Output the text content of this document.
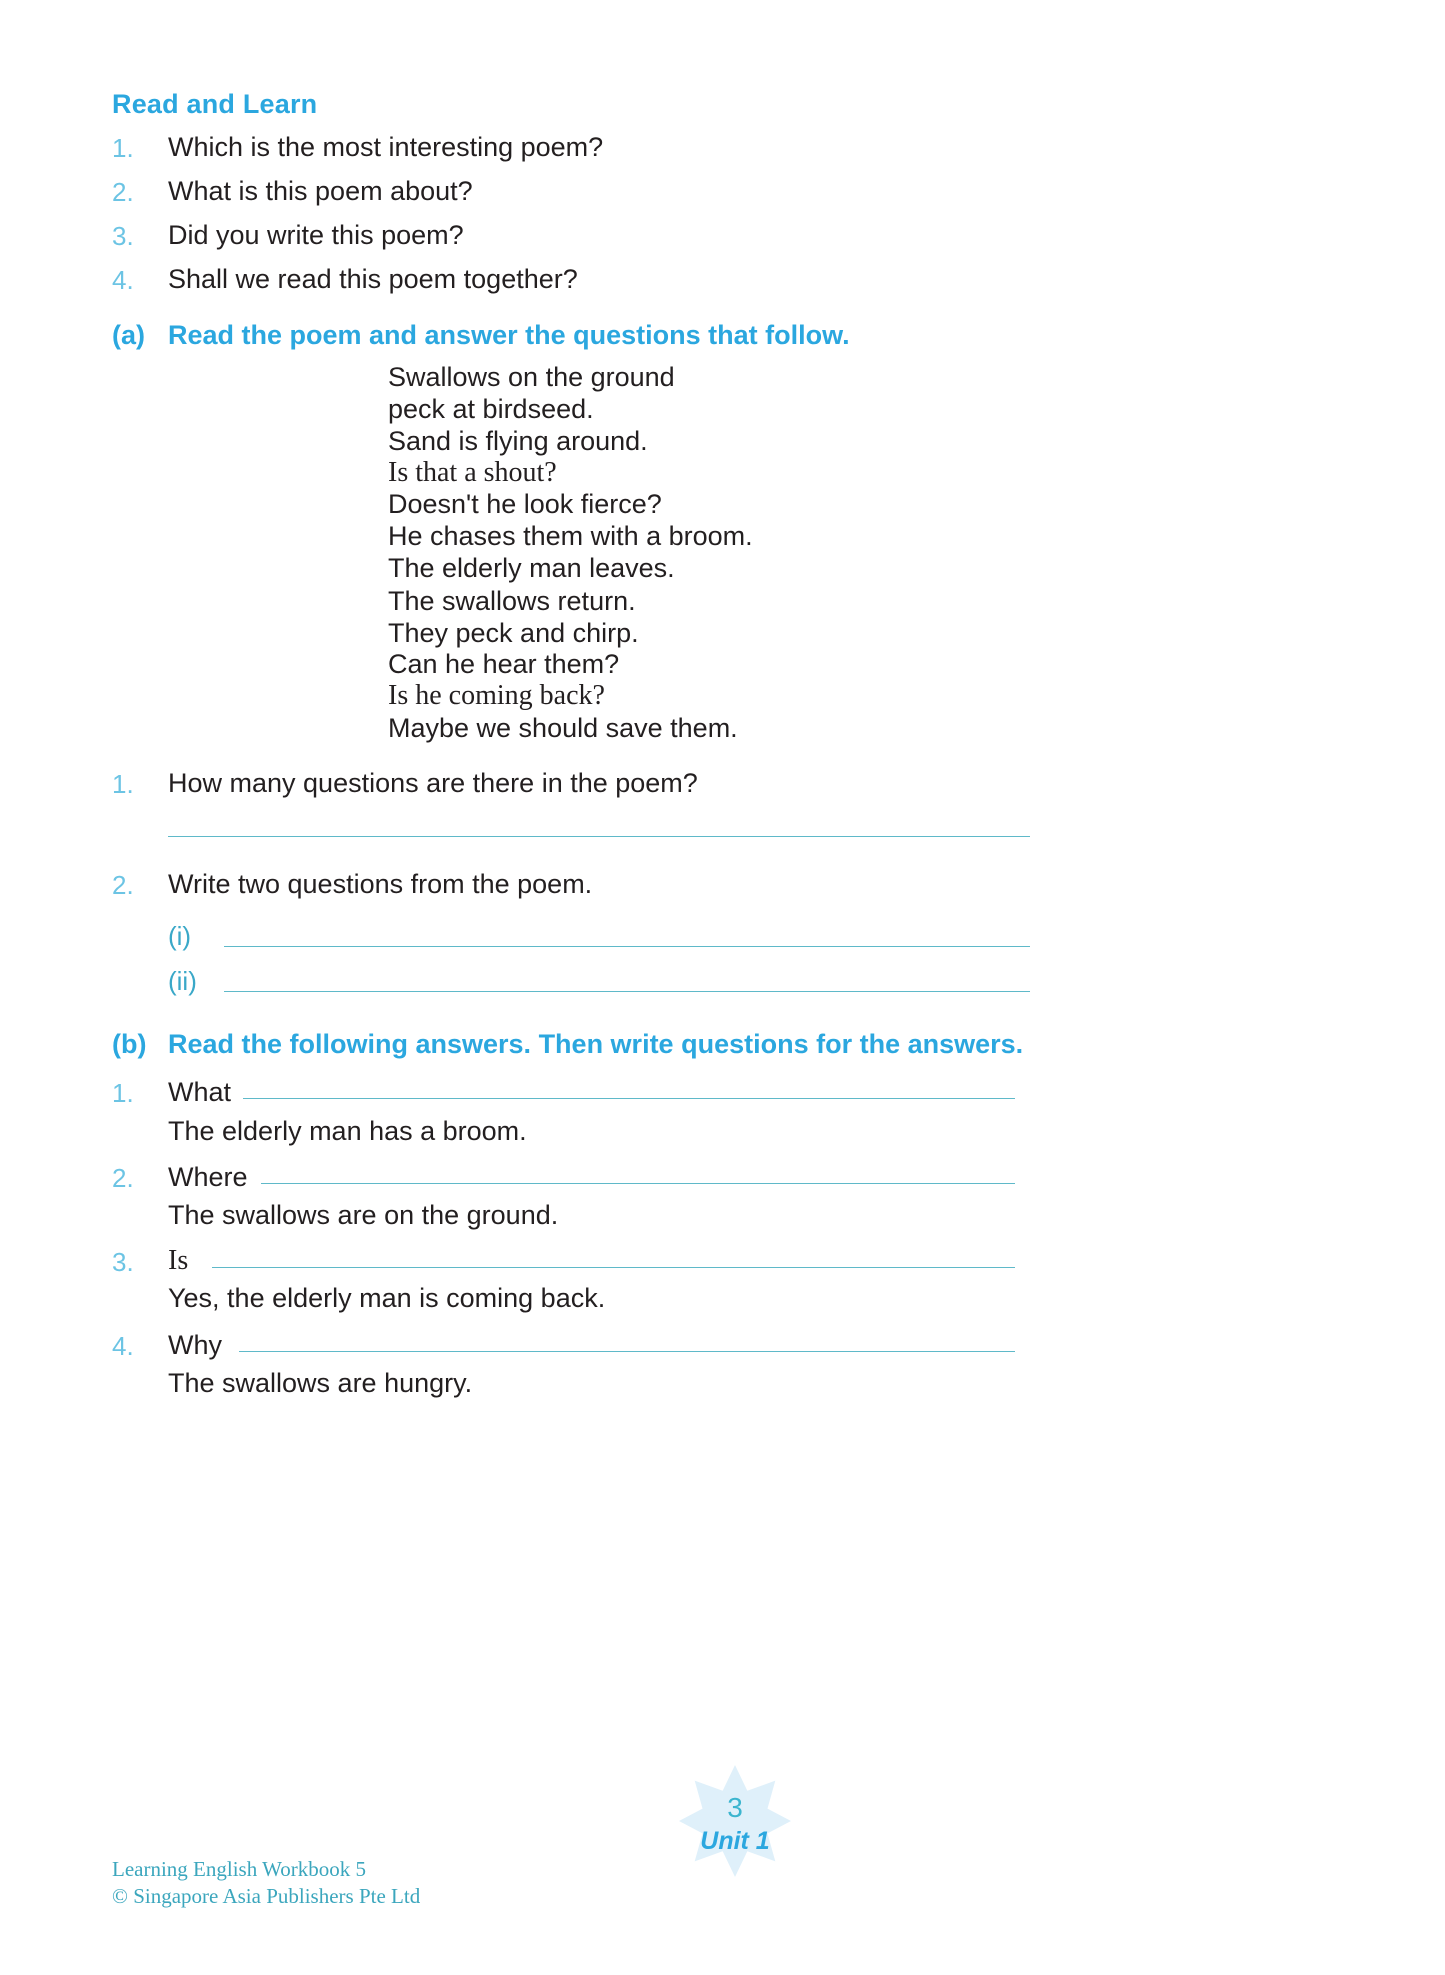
Read and Learn
1. Which is the most interesting poem?
2. What is this poem about?
3. Did you write this poem?
4. Shall we read this poem together?
(a) Read the poem and answer the questions that follow.
Swallows on the ground
peck at birdseed.
Sand is flying around.
Is that a shout?
Doesn't he look fierce?
He chases them with a broom.
The elderly man leaves.
The swallows return.
They peck and chirp.
Can he hear them?
Is he coming back?
Maybe we should save them.
1. How many questions are there in the poem?
2. Write two questions from the poem.
(i)
(ii)
(b) Read the following answers. Then write questions for the answers.
1. What
The elderly man has a broom.
2. Where
The swallows are on the ground.
3. Is
Yes, the elderly man is coming back.
4. Why
The swallows are hungry.
3
Unit 1
Learning English Workbook 5
© Singapore Asia Publishers Pte Ltd
